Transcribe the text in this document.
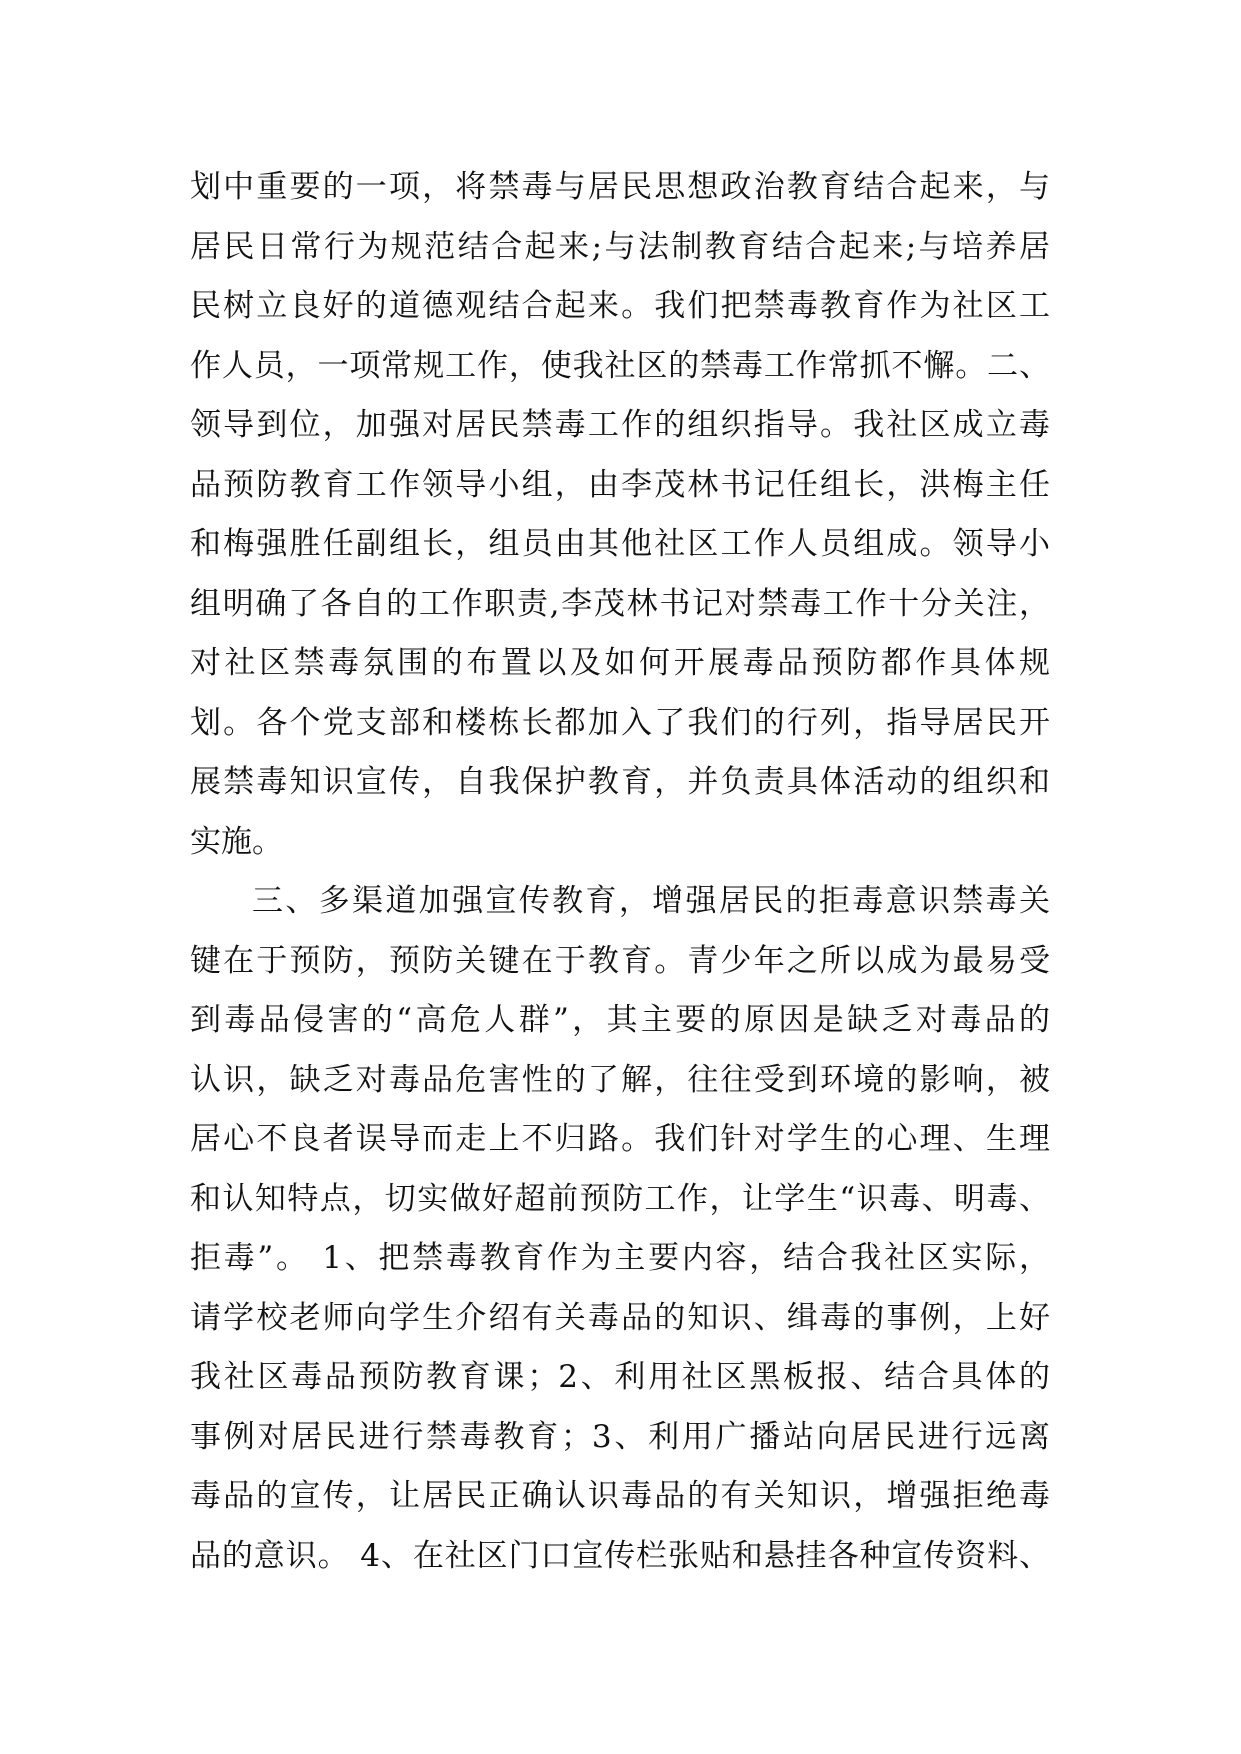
划中重要的一项，将禁毒与居民思想政治教育结合起来，与
居民日常行为规范结合起来;与法制教育结合起来;与培养居
民树立良好的道德观结合起来。我们把禁毒教育作为社区工
作人员，一项常规工作，使我社区的禁毒工作常抓不懈。二、
领导到位，加强对居民禁毒工作的组织指导。我社区成立毒
品预防教育工作领导小组，由李茂林书记任组长，洪梅主任
和梅强胜任副组长，组员由其他社区工作人员组成。领导小
组明确了各自的工作职责,李茂林书记对禁毒工作十分关注，
对社区禁毒氛围的布置以及如何开展毒品预防都作具体规
划。各个党支部和楼栋长都加入了我们的行列，指导居民开
展禁毒知识宣传，自我保护教育，并负责具体活动的组织和
实施。
三、多渠道加强宣传教育，增强居民的拒毒意识禁毒关
键在于预防，预防关键在于教育。青少年之所以成为最易受
到毒品侵害的“高危人群”，其主要的原因是缺乏对毒品的
认识，缺乏对毒品危害性的了解，往往受到环境的影响，被
居心不良者误导而走上不归路。我们针对学生的心理、生理
和认知特点，切实做好超前预防工作，让学生“识毒、明毒、
拒毒”。 1、把禁毒教育作为主要内容，结合我社区实际，
请学校老师向学生介绍有关毒品的知识、缉毒的事例，上好
我社区毒品预防教育课；2、利用社区黑板报、结合具体的
事例对居民进行禁毒教育；3、利用广播站向居民进行远离
毒品的宣传，让居民正确认识毒品的有关知识，增强拒绝毒
品的意识。 4、在社区门口宣传栏张贴和悬挂各种宣传资料、
